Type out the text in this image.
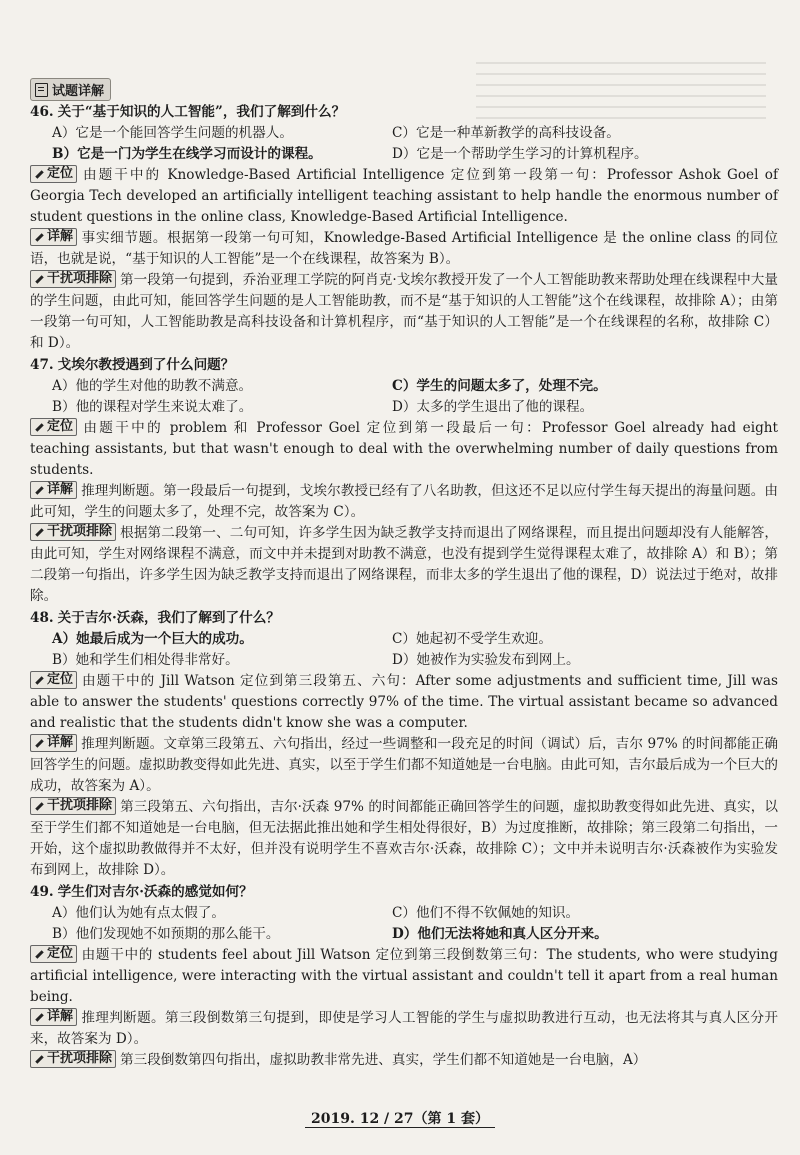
试题详解
46. 关于“基于知识的人工智能”，我们了解到什么？
A）它是一个能回答学生问题的机器人。	C）它是一种革新教学的高科技设备。
B）它是一门为学生在线学习而设计的课程。	D）它是一个帮助学生学习的计算机程序。

定位 由题干中的 Knowledge-Based Artificial Intelligence 定位到第一段第一句：Professor Ashok Goel of Georgia Tech developed an artificially intelligent teaching assistant to help handle the enormous number of student questions in the online class, Knowledge-Based Artificial Intelligence.

详解 事实细节题。根据第一段第一句可知，Knowledge-Based Artificial Intelligence 是 the online class 的同位语，也就是说，“基于知识的人工智能”是一个在线课程，故答案为 B）。

干扰项排除 第一段第一句提到，乔治亚理工学院的阿肖克·戈埃尔教授开发了一个人工智能助教来帮助处理在线课程中大量的学生问题，由此可知，能回答学生问题的是人工智能助教，而不是“基于知识的人工智能”这个在线课程，故排除 A）；由第一段第一句可知，人工智能助教是高科技设备和计算机程序，而“基于知识的人工智能”是一个在线课程的名称，故排除 C）和 D）。

47. 戈埃尔教授遇到了什么问题？
A）他的学生对他的助教不满意。	C）学生的问题太多了，处理不完。
B）他的课程对学生来说太难了。	D）太多的学生退出了他的课程。

定位 由题干中的 problem 和 Professor Goel 定位到第一段最后一句：Professor Goel already had eight teaching assistants, but that wasn't enough to deal with the overwhelming number of daily questions from students.

详解 推理判断题。第一段最后一句提到，戈埃尔教授已经有了八名助教，但这还不足以应付学生每天提出的海量问题。由此可知，学生的问题太多了，处理不完，故答案为 C）。

干扰项排除 根据第二段第一、二句可知，许多学生因为缺乏教学支持而退出了网络课程，而且提出问题却没有人能解答，由此可知，学生对网络课程不满意，而文中并未提到对助教不满意，也没有提到学生觉得课程太难了，故排除 A）和 B）；第二段第一句指出，许多学生因为缺乏教学支持而退出了网络课程，而非太多的学生退出了他的课程，D）说法过于绝对，故排除。

48. 关于吉尔·沃森，我们了解到了什么？
A）她最后成为一个巨大的成功。	C）她起初不受学生欢迎。
B）她和学生们相处得非常好。	D）她被作为实验发布到网上。

定位 由题干中的 Jill Watson 定位到第三段第五、六句：After some adjustments and sufficient time, Jill was able to answer the students' questions correctly 97% of the time. The virtual assistant became so advanced and realistic that the students didn't know she was a computer.

详解 推理判断题。文章第三段第五、六句指出，经过一些调整和一段充足的时间（调试）后，吉尔 97% 的时间都能正确回答学生的问题。虚拟助教变得如此先进、真实，以至于学生们都不知道她是一台电脑。由此可知，吉尔最后成为一个巨大的成功，故答案为 A）。

干扰项排除 第三段第五、六句指出，吉尔·沃森 97% 的时间都能正确回答学生的问题，虚拟助教变得如此先进、真实，以至于学生们都不知道她是一台电脑，但无法据此推出她和学生相处得很好，B）为过度推断，故排除；第三段第二句指出，一开始，这个虚拟助教做得并不太好，但并没有说明学生不喜欢吉尔·沃森，故排除 C）；文中并未说明吉尔·沃森被作为实验发布到网上，故排除 D）。

49. 学生们对吉尔·沃森的感觉如何？
A）他们认为她有点太假了。	C）他们不得不钦佩她的知识。
B）他们发现她不如预期的那么能干。	D）他们无法将她和真人区分开来。

定位 由题干中的 students feel about Jill Watson 定位到第三段倒数第三句：The students, who were studying artificial intelligence, were interacting with the virtual assistant and couldn't tell it apart from a real human being.

详解 推理判断题。第三段倒数第三句提到，即使是学习人工智能的学生与虚拟助教进行互动，也无法将其与真人区分开来，故答案为 D）。

干扰项排除 第三段倒数第四句指出，虚拟助教非常先进、真实，学生们都不知道她是一台电脑，A）

2019. 12 / 27（第 1 套）
